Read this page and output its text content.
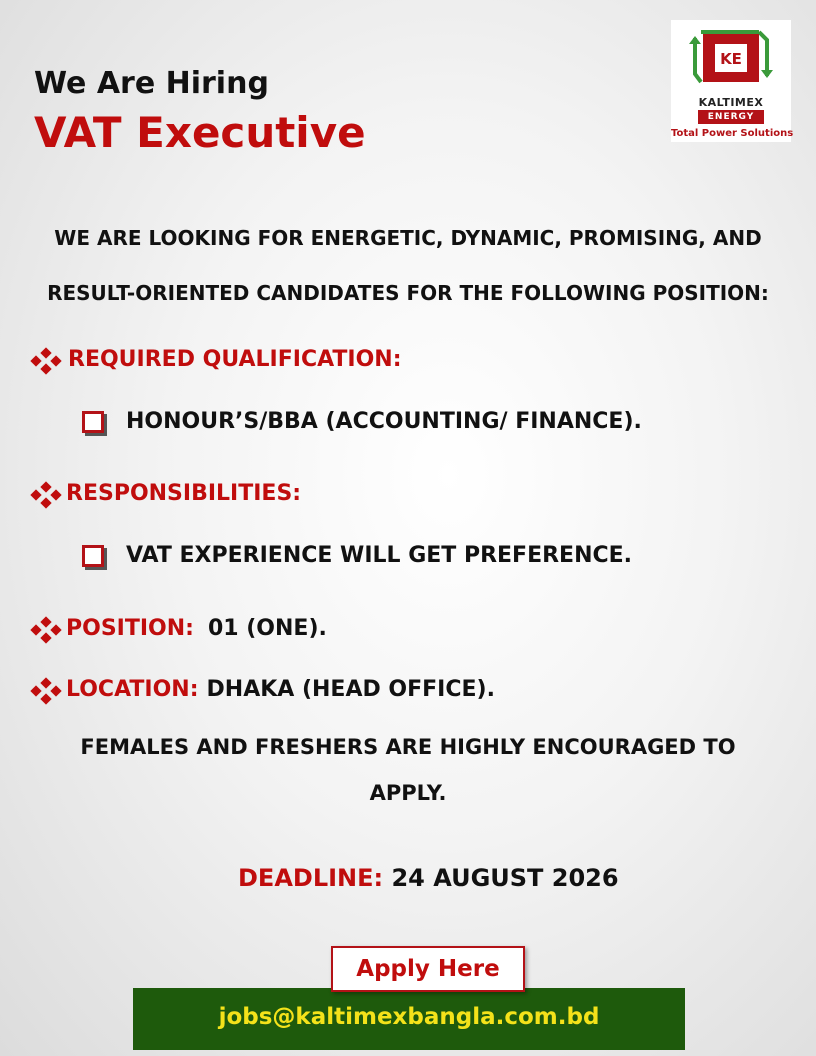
We Are Hiring
VAT Executive
KE
KALTIMEX
ENERGY
Total Power Solutions
WE ARE LOOKING FOR ENERGETIC, DYNAMIC, PROMISING, AND
RESULT-ORIENTED CANDIDATES FOR THE FOLLOWING POSITION:
REQUIRED QUALIFICATION:
HONOUR’S/BBA (ACCOUNTING/ FINANCE).
RESPONSIBILITIES:
VAT EXPERIENCE WILL GET PREFERENCE.
POSITION: 01 (ONE).
LOCATION: DHAKA (HEAD OFFICE).
FEMALES AND FRESHERS ARE HIGHLY ENCOURAGED TO
APPLY.
DEADLINE: 24 AUGUST 2026
jobs@kaltimexbangla.com.bd
Apply Here
